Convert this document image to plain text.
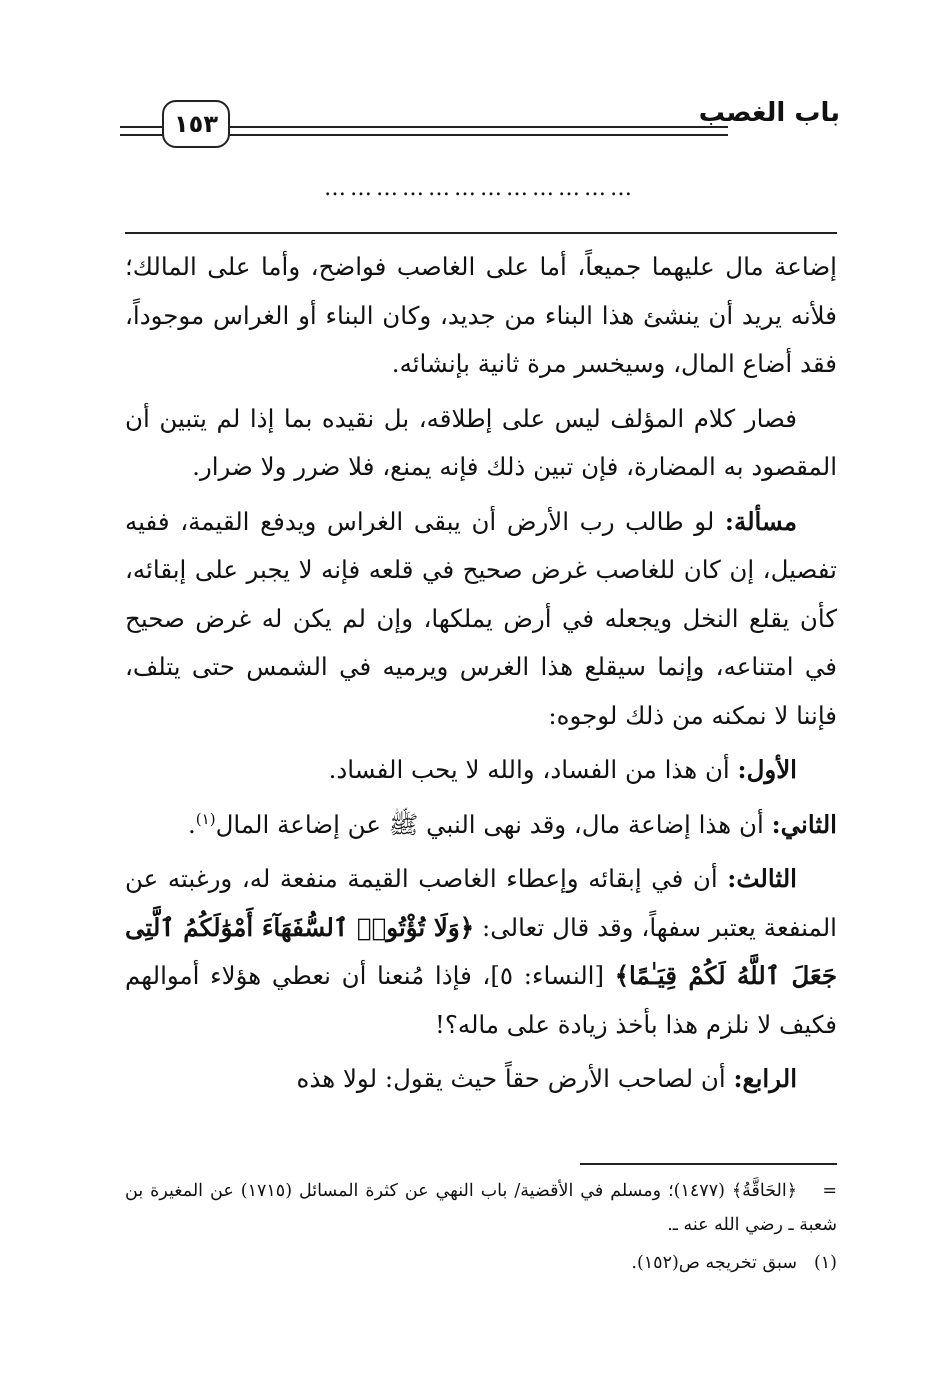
باب الغصب
١٥٣
………………………………

إضاعة مال عليهما جميعاً، أما على الغاصب فواضح، وأما على المالك؛ فلأنه يريد أن ينشئ هذا البناء من جديد، وكان البناء أو الغراس موجوداً، فقد أضاع المال، وسيخسر مرة ثانية بإنشائه.

فصار كلام المؤلف ليس على إطلاقه، بل نقيده بما إذا لم يتبين أن المقصود به المضارة، فإن تبين ذلك فإنه يمنع، فلا ضرر ولا ضرار.

مسألة: لو طالب رب الأرض أن يبقى الغراس ويدفع القيمة، ففيه تفصيل، إن كان للغاصب غرض صحيح في قلعه فإنه لا يجبر على إبقائه، كأن يقلع النخل ويجعله في أرض يملكها، وإن لم يكن له غرض صحيح في امتناعه، وإنما سيقلع هذا الغرس ويرميه في الشمس حتى يتلف، فإننا لا نمكنه من ذلك لوجوه:

الأول: أن هذا من الفساد، والله لا يحب الفساد.

الثاني: أن هذا إضاعة مال، وقد نهى النبي ﷺ عن إضاعة المال$^{(١)}$.

الثالث: أن في إبقائه وإعطاء الغاصب القيمة منفعة له، ورغبته عن المنفعة يعتبر سفهاً، وقد قال تعالى: ﴿وَلَا تُؤْتُوا۟ ٱلسُّفَهَآءَ أَمْوَٰلَكُمُ ٱلَّتِى جَعَلَ ٱللَّهُ لَكُمْ قِيَـٰمًا﴾ [النساء: ٥]، فإذا مُنعنا أن نعطي هؤلاء أموالهم فكيف لا نلزم هذا بأخذ زيادة على ماله؟!

الرابع: أن لصاحب الأرض حقاً حيث يقول: لولا هذه

=﴿الحَاقَّةُ﴾ (١٤٧٧)؛ ومسلم في الأقضية/ باب النهي عن كثرة المسائل (١٧١٥) عن المغيرة بن شعبة ـ رضي الله عنه ـ.

(١)سبق تخريجه ص(١٥٢).
